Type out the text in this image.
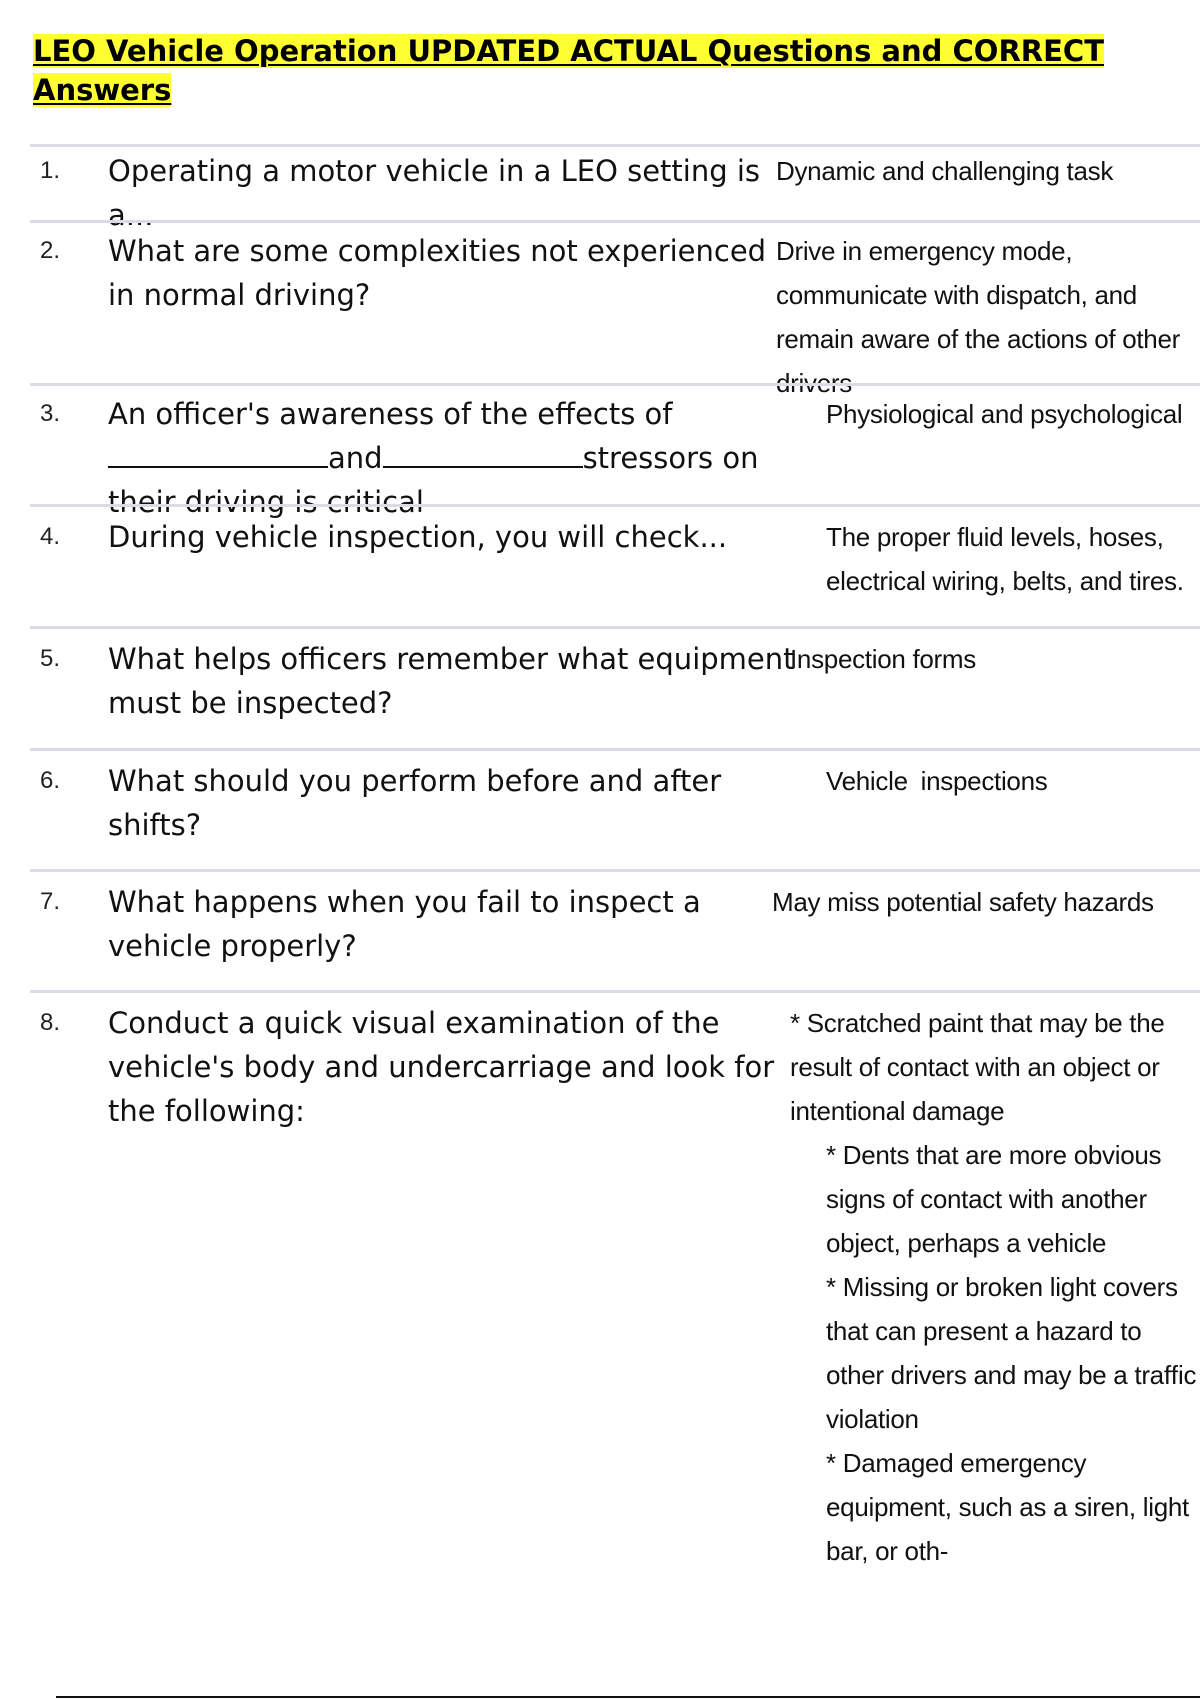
LEO Vehicle Operation UPDATED ACTUAL Questions and CORRECT Answers
1. Operating a motor vehicle in a LEO setting is a...

Dynamic and challenging task
2. What are some complexities not experienced in normal driving?

Drive in emergency mode, communicate with dispatch, and remain aware of the actions of other drivers
3. An officer's awareness of the effects of
and	stressors on their driving is critical

Physiological and psychological
4. During vehicle inspection, you will check...	The proper fluid levels, hoses, electrical wiring, belts, and tires.
5. What helps officers remember what equipment must be inspected?

Inspection forms
6. What should you perform before and after shifts?

Vehicle inspections
7. What happens when you fail to inspect a vehicle properly?

May miss potential safety hazards
8. Conduct a quick visual examination of the vehicle's body and undercarriage and look for the following:

* Scratched paint that may be the result of contact with an object or intentional damage
* Dents that are more obvious signs of contact with another object, perhaps a vehicle
* Missing or broken light covers that can present a hazard to other drivers and may be a trafﬁc violation
* Damaged emergency equipment, such as a siren, light bar, or oth-
